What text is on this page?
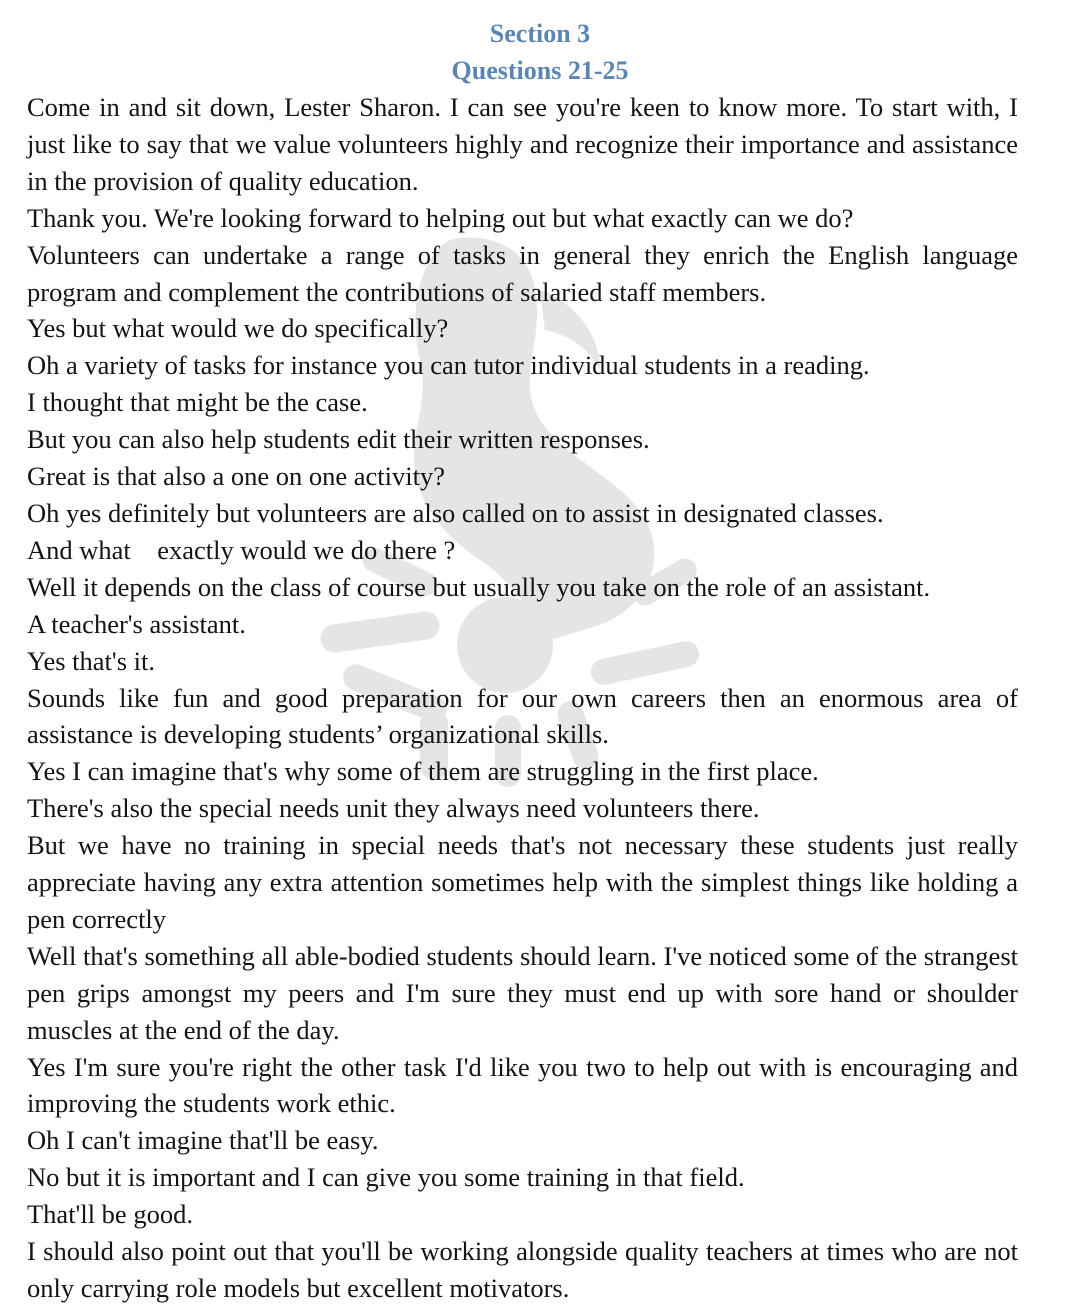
Section 3
Questions 21-25

Come in and sit down, Lester Sharon. I can see you're keen to know more. To start with, I just like to say that we value volunteers highly and recognize their importance and assistance in the provision of quality education.

Thank you. We're looking forward to helping out but what exactly can we do?

Volunteers can undertake a range of tasks in general they enrich the English language program and complement the contributions of salaried staff members.

Yes but what would we do specifically?

Oh a variety of tasks for instance you can tutor individual students in a reading.

I thought that might be the case.

But you can also help students edit their written responses.

Great is that also a one on one activity?

Oh yes definitely but volunteers are also called on to assist in designated classes.

And what    exactly would we do there ?

Well it depends on the class of course but usually you take on the role of an assistant.

A teacher's assistant.

Yes that's it.

Sounds like fun and good preparation for our own careers then an enormous area of assistance is developing students’ organizational skills.

Yes I can imagine that's why some of them are struggling in the first place.

There's also the special needs unit they always need volunteers there.

But we have no training in special needs that's not necessary these students just really appreciate having any extra attention sometimes help with the simplest things like holding a pen correctly

Well that's something all able-bodied students should learn. I've noticed some of the strangest pen grips amongst my peers and I'm sure they must end up with sore hand or shoulder muscles at the end of the day.

Yes I'm sure you're right the other task I'd like you two to help out with is encouraging and improving the students work ethic.

Oh I can't imagine that'll be easy.

No but it is important and I can give you some training in that field.

That'll be good.

I should also point out that you'll be working alongside quality teachers at times who are not only carrying role models but excellent motivators.
